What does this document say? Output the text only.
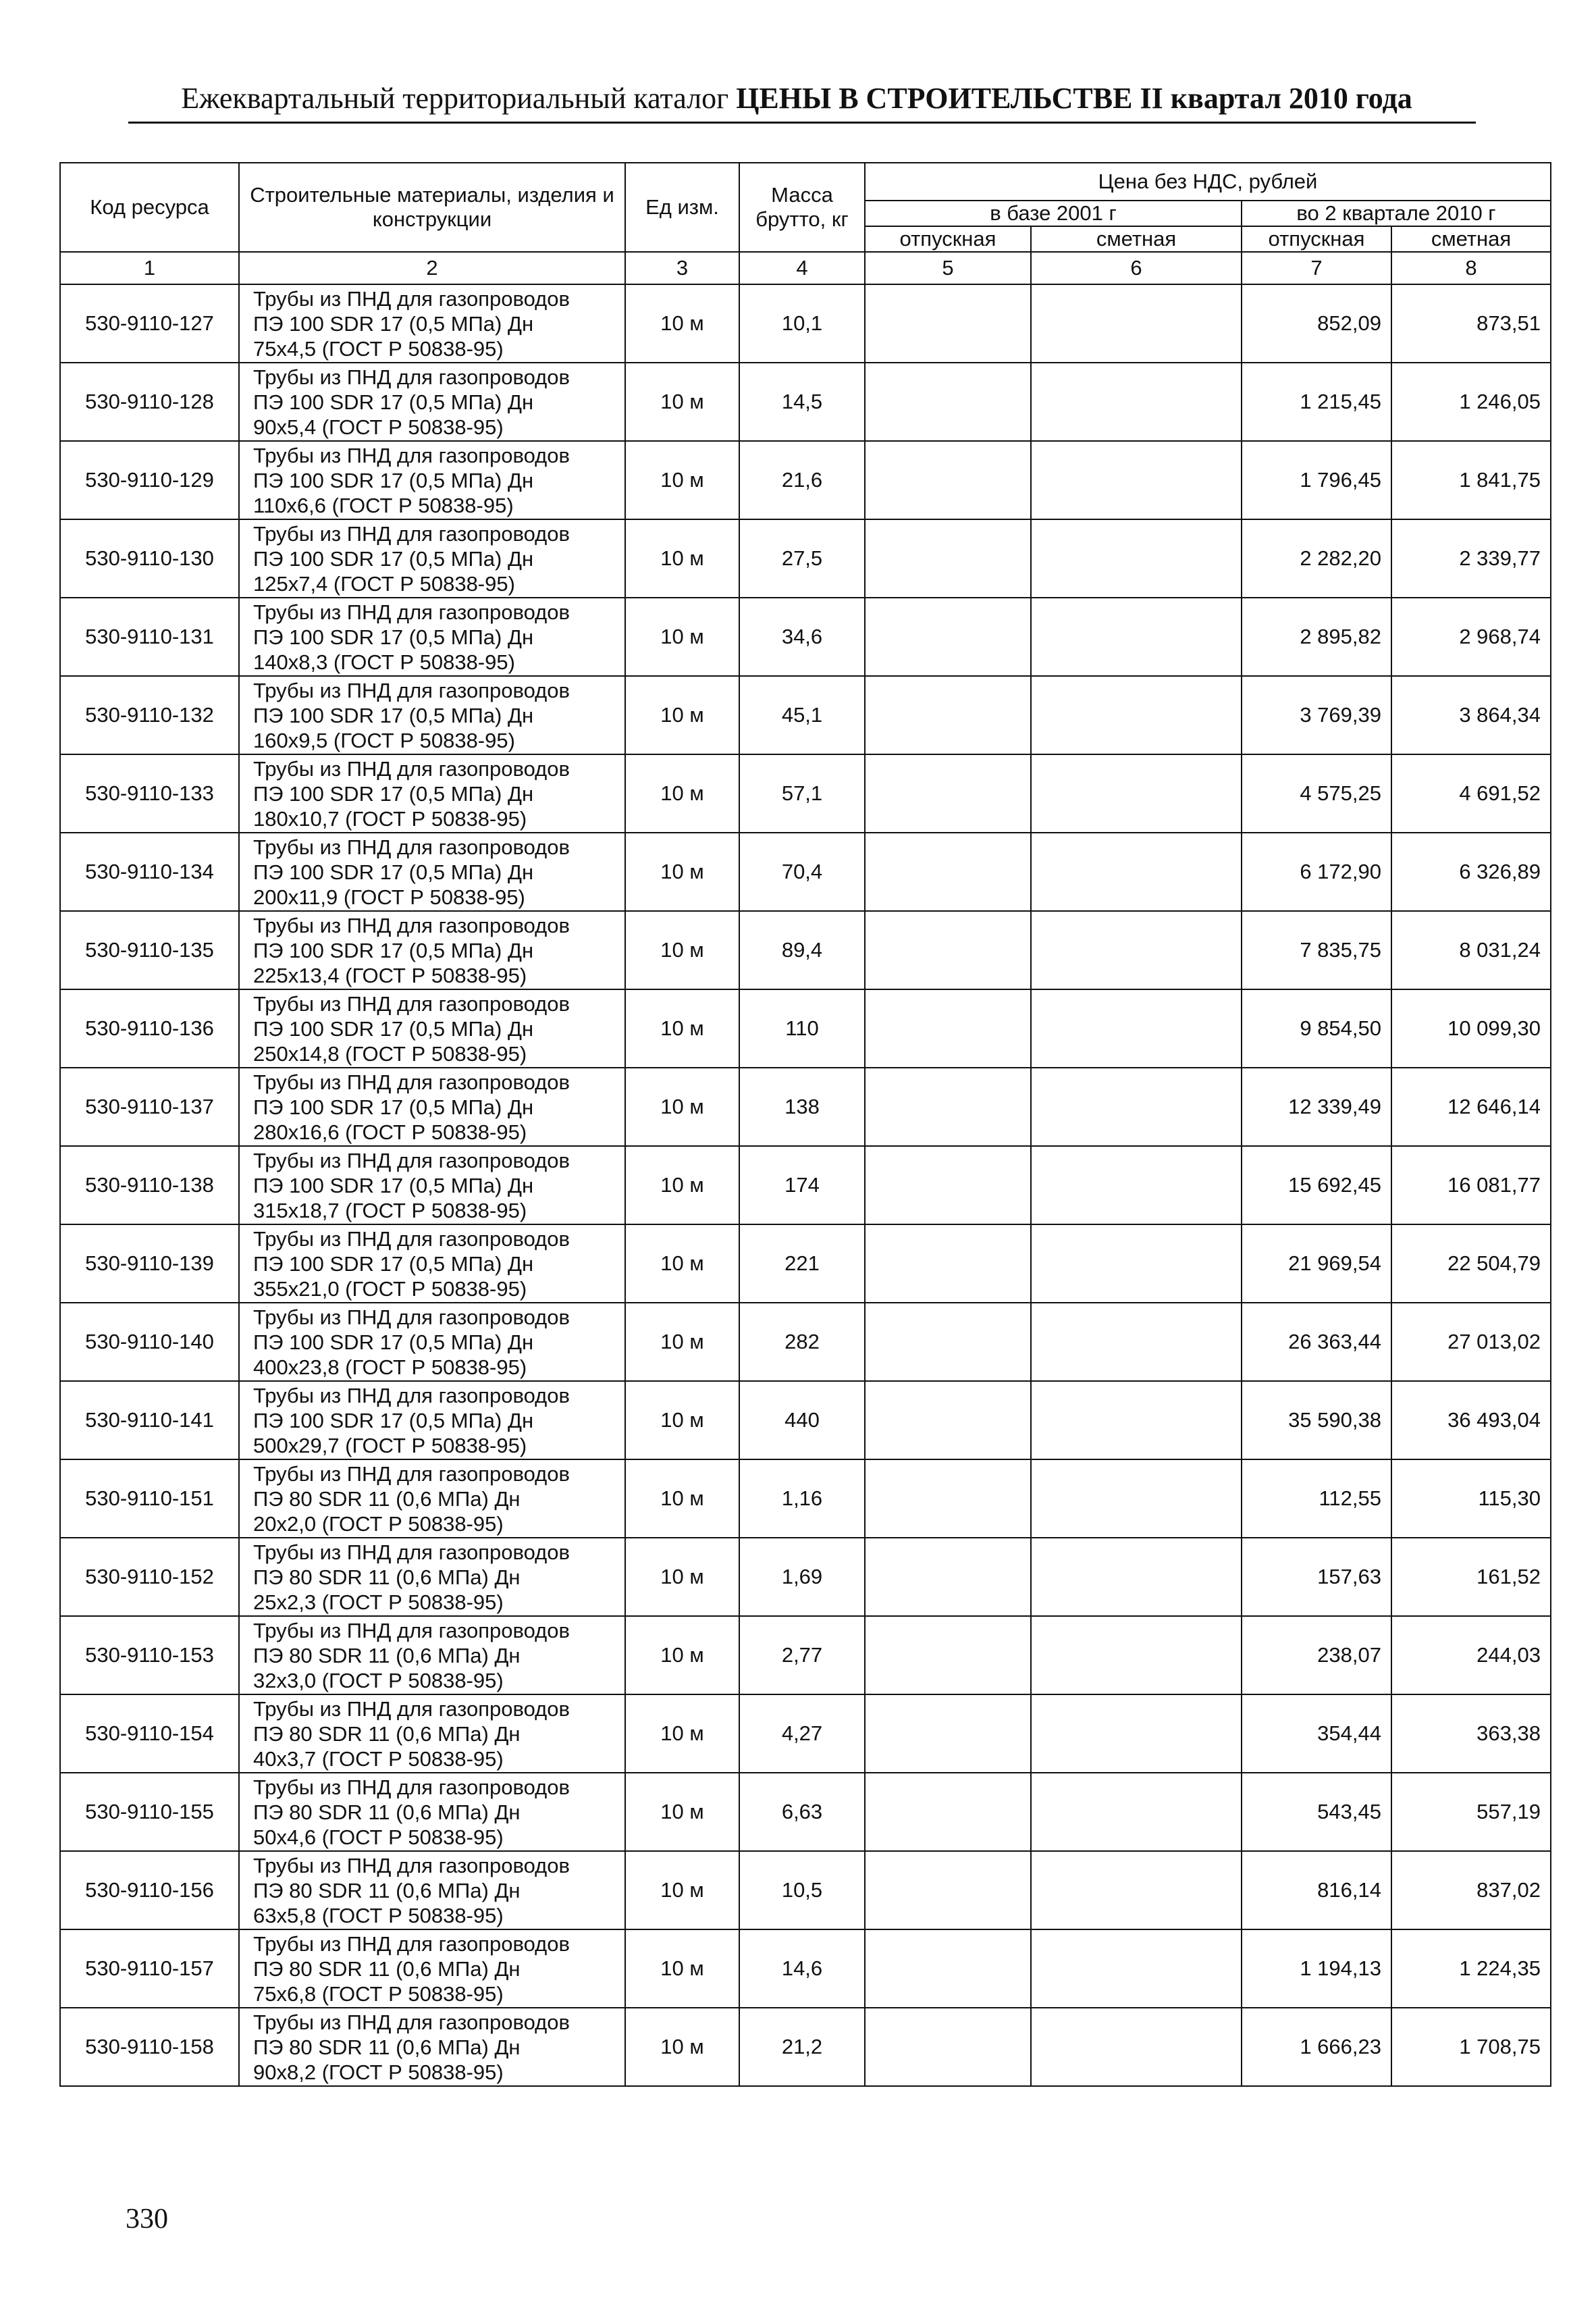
Ежеквартальный территориальный каталог ЦЕНЫ В СТРОИТЕЛЬСТВЕ II квартал 2010 года
Код ресурса	Строительные материалы, изделия и конструкции	Ед изм.	Масса брутто, кг	Цена без НДС, рублей			
				в базе 2001 г		во 2 квартале 2010 г	
				отпускная	сметная	отпускная	сметная
1	2	3	4	5	6	7	8
530-9110-127	Трубы из ПНД для газопроводов
ПЭ 100 SDR 17 (0,5 МПа) Дн
75х4,5 (ГОСТ Р 50838-95)	10 м	10,1			852,09	873,51
530-9110-128	Трубы из ПНД для газопроводов
ПЭ 100 SDR 17 (0,5 МПа) Дн
90х5,4 (ГОСТ Р 50838-95)	10 м	14,5			1 215,45	1 246,05
530-9110-129	Трубы из ПНД для газопроводов
ПЭ 100 SDR 17 (0,5 МПа) Дн
110х6,6 (ГОСТ Р 50838-95)	10 м	21,6			1 796,45	1 841,75
530-9110-130	Трубы из ПНД для газопроводов
ПЭ 100 SDR 17 (0,5 МПа) Дн
125х7,4 (ГОСТ Р 50838-95)	10 м	27,5			2 282,20	2 339,77
530-9110-131	Трубы из ПНД для газопроводов
ПЭ 100 SDR 17 (0,5 МПа) Дн
140х8,3 (ГОСТ Р 50838-95)	10 м	34,6			2 895,82	2 968,74
530-9110-132	Трубы из ПНД для газопроводов
ПЭ 100 SDR 17 (0,5 МПа) Дн
160х9,5 (ГОСТ Р 50838-95)	10 м	45,1			3 769,39	3 864,34
530-9110-133	Трубы из ПНД для газопроводов
ПЭ 100 SDR 17 (0,5 МПа) Дн
180х10,7 (ГОСТ Р 50838-95)	10 м	57,1			4 575,25	4 691,52
530-9110-134	Трубы из ПНД для газопроводов
ПЭ 100 SDR 17 (0,5 МПа) Дн
200х11,9 (ГОСТ Р 50838-95)	10 м	70,4			6 172,90	6 326,89
530-9110-135	Трубы из ПНД для газопроводов
ПЭ 100 SDR 17 (0,5 МПа) Дн
225х13,4 (ГОСТ Р 50838-95)	10 м	89,4			7 835,75	8 031,24
530-9110-136	Трубы из ПНД для газопроводов
ПЭ 100 SDR 17 (0,5 МПа) Дн
250х14,8 (ГОСТ Р 50838-95)	10 м	110			9 854,50	10 099,30
530-9110-137	Трубы из ПНД для газопроводов
ПЭ 100 SDR 17 (0,5 МПа) Дн
280х16,6 (ГОСТ Р 50838-95)	10 м	138			12 339,49	12 646,14
530-9110-138	Трубы из ПНД для газопроводов
ПЭ 100 SDR 17 (0,5 МПа) Дн
315х18,7 (ГОСТ Р 50838-95)	10 м	174			15 692,45	16 081,77
530-9110-139	Трубы из ПНД для газопроводов
ПЭ 100 SDR 17 (0,5 МПа) Дн
355х21,0 (ГОСТ Р 50838-95)	10 м	221			21 969,54	22 504,79
530-9110-140	Трубы из ПНД для газопроводов
ПЭ 100 SDR 17 (0,5 МПа) Дн
400х23,8 (ГОСТ Р 50838-95)	10 м	282			26 363,44	27 013,02
530-9110-141	Трубы из ПНД для газопроводов
ПЭ 100 SDR 17 (0,5 МПа) Дн
500х29,7 (ГОСТ Р 50838-95)	10 м	440			35 590,38	36 493,04
530-9110-151	Трубы из ПНД для газопроводов
ПЭ 80 SDR 11 (0,6 МПа) Дн
20х2,0 (ГОСТ Р 50838-95)	10 м	1,16			112,55	115,30
530-9110-152	Трубы из ПНД для газопроводов
ПЭ 80 SDR 11 (0,6 МПа) Дн
25х2,3 (ГОСТ Р 50838-95)	10 м	1,69			157,63	161,52
530-9110-153	Трубы из ПНД для газопроводов
ПЭ 80 SDR 11 (0,6 МПа) Дн
32х3,0 (ГОСТ Р 50838-95)	10 м	2,77			238,07	244,03
530-9110-154	Трубы из ПНД для газопроводов
ПЭ 80 SDR 11 (0,6 МПа) Дн
40х3,7 (ГОСТ Р 50838-95)	10 м	4,27			354,44	363,38
530-9110-155	Трубы из ПНД для газопроводов
ПЭ 80 SDR 11 (0,6 МПа) Дн
50х4,6 (ГОСТ Р 50838-95)	10 м	6,63			543,45	557,19
530-9110-156	Трубы из ПНД для газопроводов
ПЭ 80 SDR 11 (0,6 МПа) Дн
63х5,8 (ГОСТ Р 50838-95)	10 м	10,5			816,14	837,02
530-9110-157	Трубы из ПНД для газопроводов
ПЭ 80 SDR 11 (0,6 МПа) Дн
75х6,8 (ГОСТ Р 50838-95)	10 м	14,6			1 194,13	1 224,35
530-9110-158	Трубы из ПНД для газопроводов
ПЭ 80 SDR 11 (0,6 МПа) Дн
90х8,2 (ГОСТ Р 50838-95)	10 м	21,2			1 666,23	1 708,75
330
